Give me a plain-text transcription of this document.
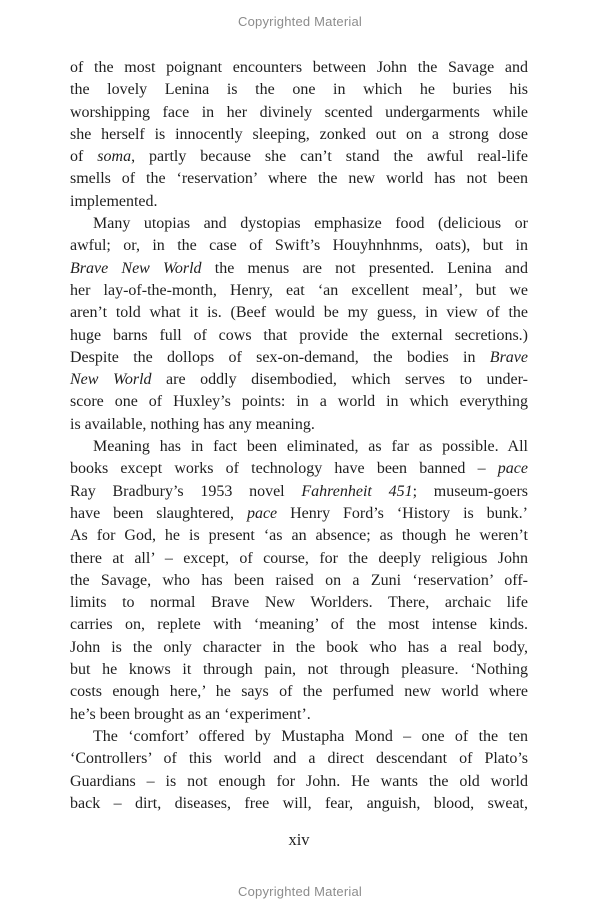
Copyrighted Material
of the most poignant encounters between John the Savage and
the lovely Lenina is the one in which he buries his
worshipping face in her divinely scented undergarments while
she herself is innocently sleeping, zonked out on a strong dose
of soma, partly because she can’t stand the awful real-life
smells of the ‘reservation’ where the new world has not been
implemented.
Many utopias and dystopias emphasize food (delicious or
awful; or, in the case of Swift’s Houyhnhnms, oats), but in
Brave New World the menus are not presented. Lenina and
her lay-of-the-month, Henry, eat ‘an excellent meal’, but we
aren’t told what it is. (Beef would be my guess, in view of the
huge barns full of cows that provide the external secretions.)
Despite the dollops of sex-on-demand, the bodies in Brave
New World are oddly disembodied, which serves to under-
score one of Huxley’s points: in a world in which everything
is available, nothing has any meaning.
Meaning has in fact been eliminated, as far as possible. All
books except works of technology have been banned – pace
Ray Bradbury’s 1953 novel Fahrenheit 451; museum-goers
have been slaughtered, pace Henry Ford’s ‘History is bunk.’
As for God, he is present ‘as an absence; as though he weren’t
there at all’ – except, of course, for the deeply religious John
the Savage, who has been raised on a Zuni ‘reservation’ off-
limits to normal Brave New Worlders. There, archaic life
carries on, replete with ‘meaning’ of the most intense kinds.
John is the only character in the book who has a real body,
but he knows it through pain, not through pleasure. ‘Nothing
costs enough here,’ he says of the perfumed new world where
he’s been brought as an ‘experiment’.
The ‘comfort’ offered by Mustapha Mond – one of the ten
‘Controllers’ of this world and a direct descendant of Plato’s
Guardians – is not enough for John. He wants the old world
back – dirt, diseases, free will, fear, anguish, blood, sweat,
xiv
Copyrighted Material
